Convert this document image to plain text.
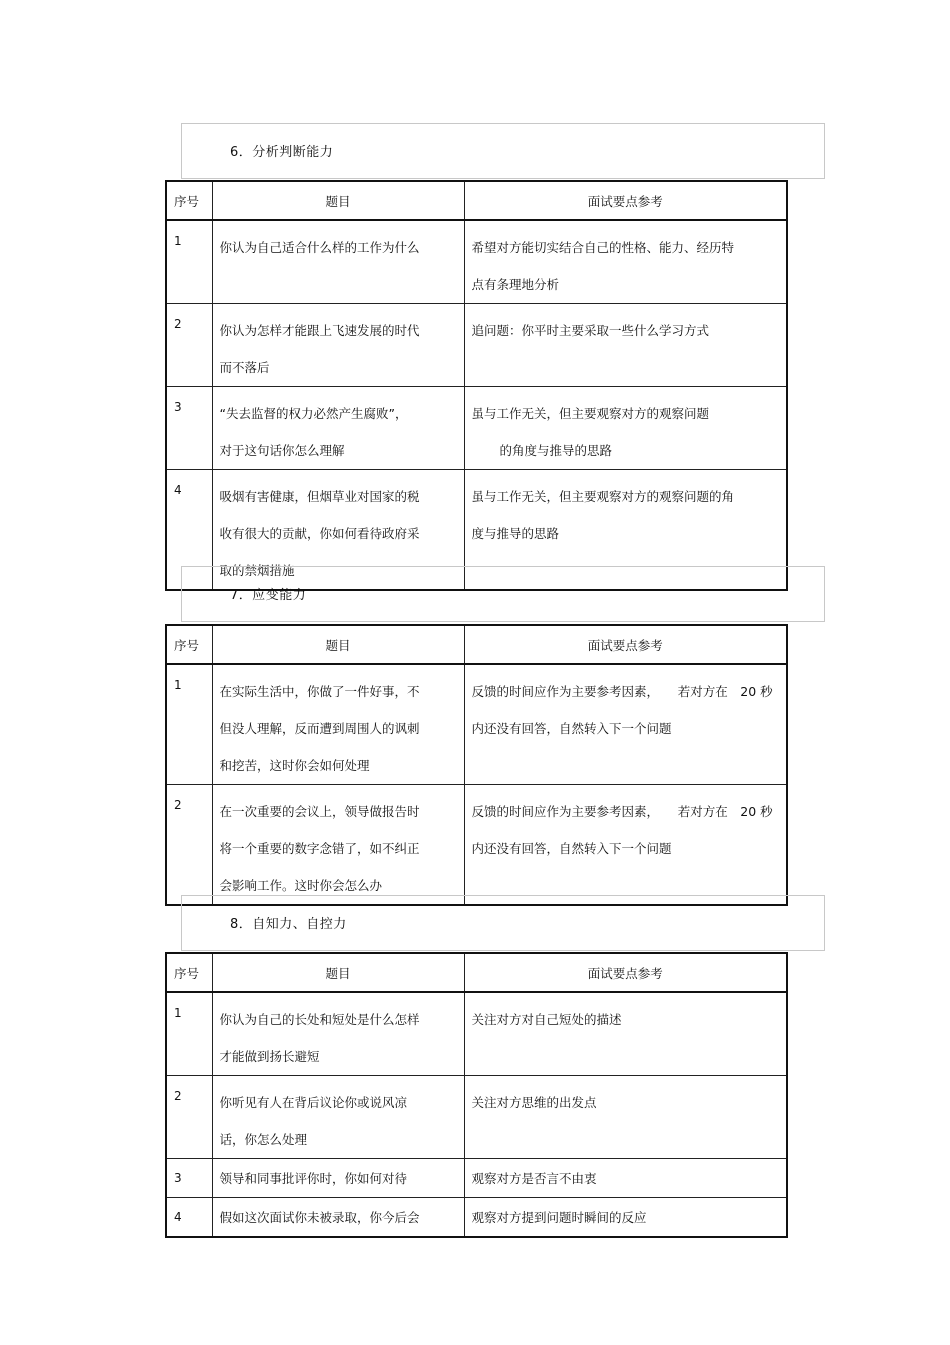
6．分析判断能力
序号	题目	面试要点参考
1	你认为自己适合什么样的工作为什么	希望对方能切实结合自己的性格、能力、经历特
点有条理地分析

2	你认为怎样才能跟上飞速发展的时代
而不落后	追问题：你平时主要采取一些什么学习方式

3	“失去监督的权力必然产生腐败”，
对于这句话你怎么理解	虽与工作无关，但主要观察对方的观察问题
的角度与推导的思路

4	吸烟有害健康，但烟草业对国家的税
收有很大的贡献，你如何看待政府采
取的禁烟措施	虽与工作无关，但主要观察对方的观察问题的角
度与推导的思路
7．应变能力
序号	题目	面试要点参考
1	在实际生活中，你做了一件好事，不
但没人理解，反而遭到周围人的讽刺
和挖苦，这时你会如何处理	反馈的时间应作为主要参考因素，　　若对方在　20 秒
内还没有回答，自然转入下一个问题

2	在一次重要的会议上，领导做报告时
将一个重要的数字念错了，如不纠正
会影响工作。这时你会怎么办	反馈的时间应作为主要参考因素，　　若对方在　20 秒
内还没有回答，自然转入下一个问题
8．自知力、自控力
序号	题目	面试要点参考
1	你认为自己的长处和短处是什么怎样
才能做到扬长避短	关注对方对自己短处的描述

2	你听见有人在背后议论你或说风凉
话，你怎么处理	关注对方思维的出发点

3	领导和同事批评你时，你如何对待	观察对方是否言不由衷

4	假如这次面试你未被录取，你今后会	观察对方提到问题时瞬间的反应
